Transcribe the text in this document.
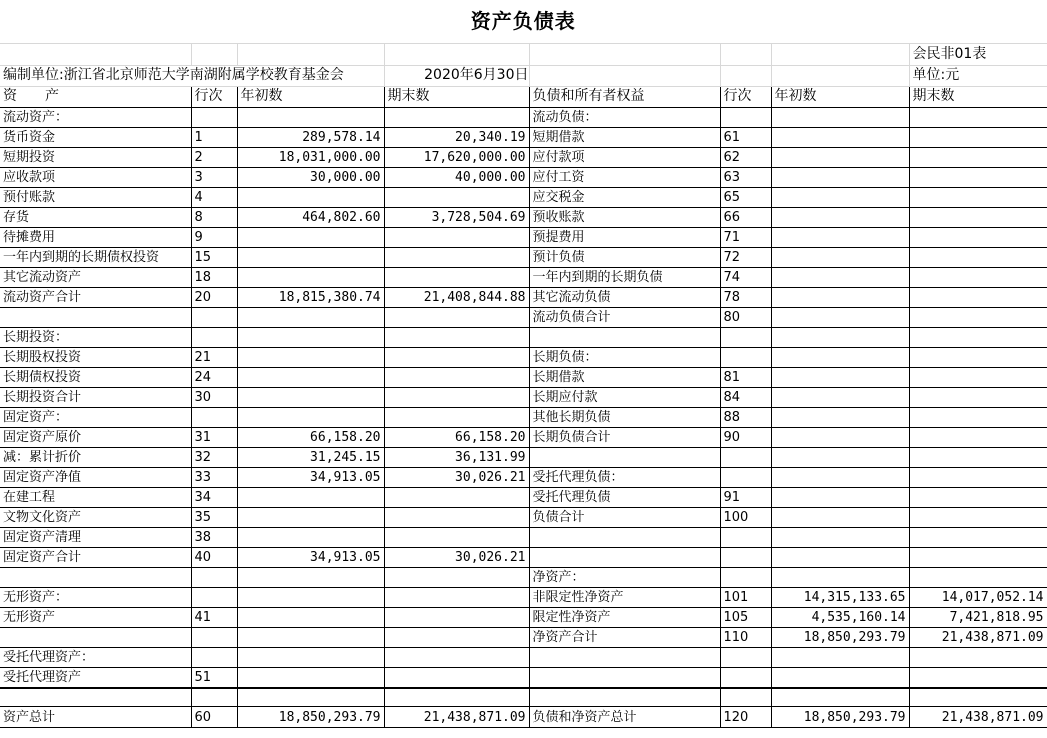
资产负债表							
							会民非01表
编制单位:浙江省北京师范大学南湖附属学校教育基金会			2020年6月30日				单位:元
资　　产	行次	年初数	期末数	负债和所有者权益	行次	年初数	期末数
流动资产：				流动负债：			
货币资金	1	289,578.14	20,340.19	短期借款	61		
短期投资	2	18,031,000.00	17,620,000.00	应付款项	62		
应收款项	3	30,000.00	40,000.00	应付工资	63		
预付账款	4			应交税金	65		
存货	8	464,802.60	3,728,504.69	预收账款	66		
待摊费用	9			预提费用	71		
一年内到期的长期债权投资	15			预计负债	72		
其它流动资产	18			一年内到期的长期负债	74		
流动资产合计	20	18,815,380.74	21,408,844.88	其它流动负债	78		
				流动负债合计	80		
长期投资：							
长期股权投资	21			长期负债：			
长期债权投资	24			长期借款	81		
长期投资合计	30			长期应付款	84		
固定资产：				其他长期负债	88		
固定资产原价	31	66,158.20	66,158.20	长期负债合计	90		
减：累计折价	32	31,245.15	36,131.99				
固定资产净值	33	34,913.05	30,026.21	受托代理负债：			
在建工程	34			受托代理负债	91		
文物文化资产	35			负债合计	100		
固定资产清理	38						
固定资产合计	40	34,913.05	30,026.21				
				净资产：			
无形资产：				非限定性净资产	101	14,315,133.65	14,017,052.14
无形资产	41			限定性净资产	105	4,535,160.14	7,421,818.95
				净资产合计	110	18,850,293.79	21,438,871.09
受托代理资产：							
受托代理资产	51						

资产总计	60	18,850,293.79	21,438,871.09	负债和净资产总计	120	18,850,293.79	21,438,871.09
